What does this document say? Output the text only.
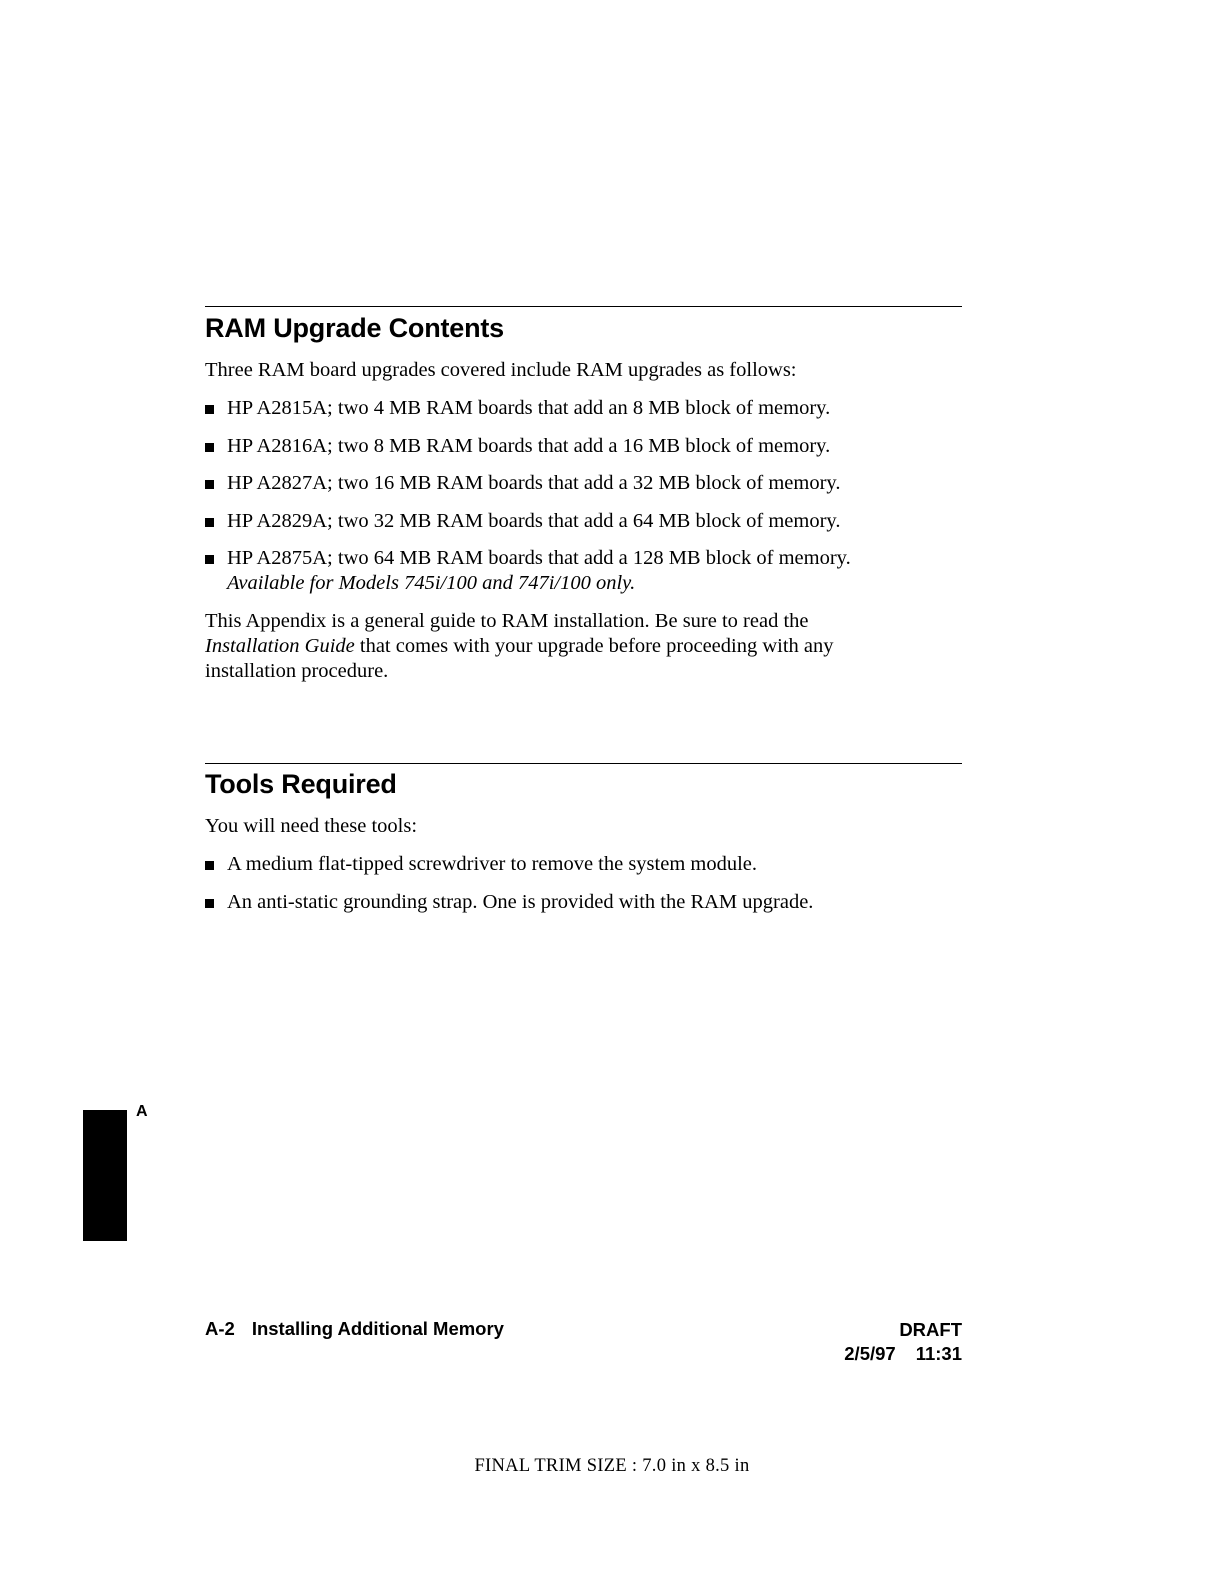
RAM Upgrade Contents

Three RAM board upgrades covered include RAM upgrades as follows:

HP A2815A; two 4 MB RAM boards that add an 8 MB block of memory.
HP A2816A; two 8 MB RAM boards that add a 16 MB block of memory.
HP A2827A; two 16 MB RAM boards that add a 32 MB block of memory.
HP A2829A; two 32 MB RAM boards that add a 64 MB block of memory.
HP A2875A; two 64 MB RAM boards that add a 128 MB block of memory.
Available for Models 745i/100 and 747i/100 only.

This Appendix is a general guide to RAM installation. Be sure to read the
Installation Guide that comes with your upgrade before proceeding with any
installation procedure.

Tools Required

You will need these tools:

A medium flat-tipped screwdriver to remove the system module.
An anti-static grounding strap. One is provided with the RAM upgrade.
A
A-2 Installing Additional Memory	DRAFT
2/5/97 11:31
FINAL TRIM SIZE : 7.0 in x 8.5 in
